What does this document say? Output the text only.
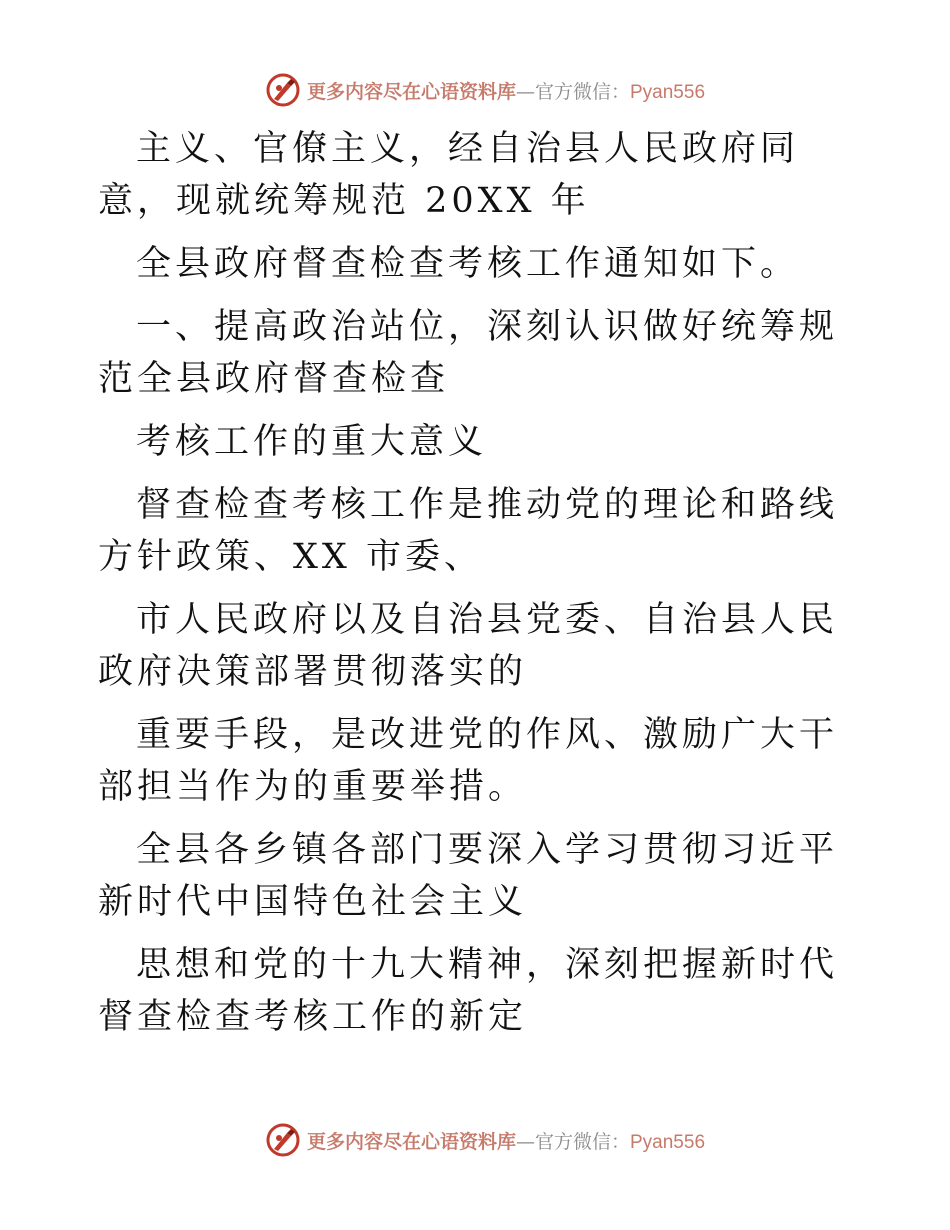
更多内容尽在心语资料库—官方微信：Pyan556

主义、官僚主义，经自治县人民政府同意，现就统筹规范 20XX 年

全县政府督查检查考核工作通知如下。

一、提高政治站位，深刻认识做好统筹规范全县政府督查检查

考核工作的重大意义

督查检查考核工作是推动党的理论和路线方针政策、XX 市委、

市人民政府以及自治县党委、自治县人民政府决策部署贯彻落实的

重要手段，是改进党的作风、激励广大干部担当作为的重要举措。

全县各乡镇各部门要深入学习贯彻习近平新时代中国特色社会主义

思想和党的十九大精神，深刻把握新时代督查检查考核工作的新定

更多内容尽在心语资料库—官方微信：Pyan556
